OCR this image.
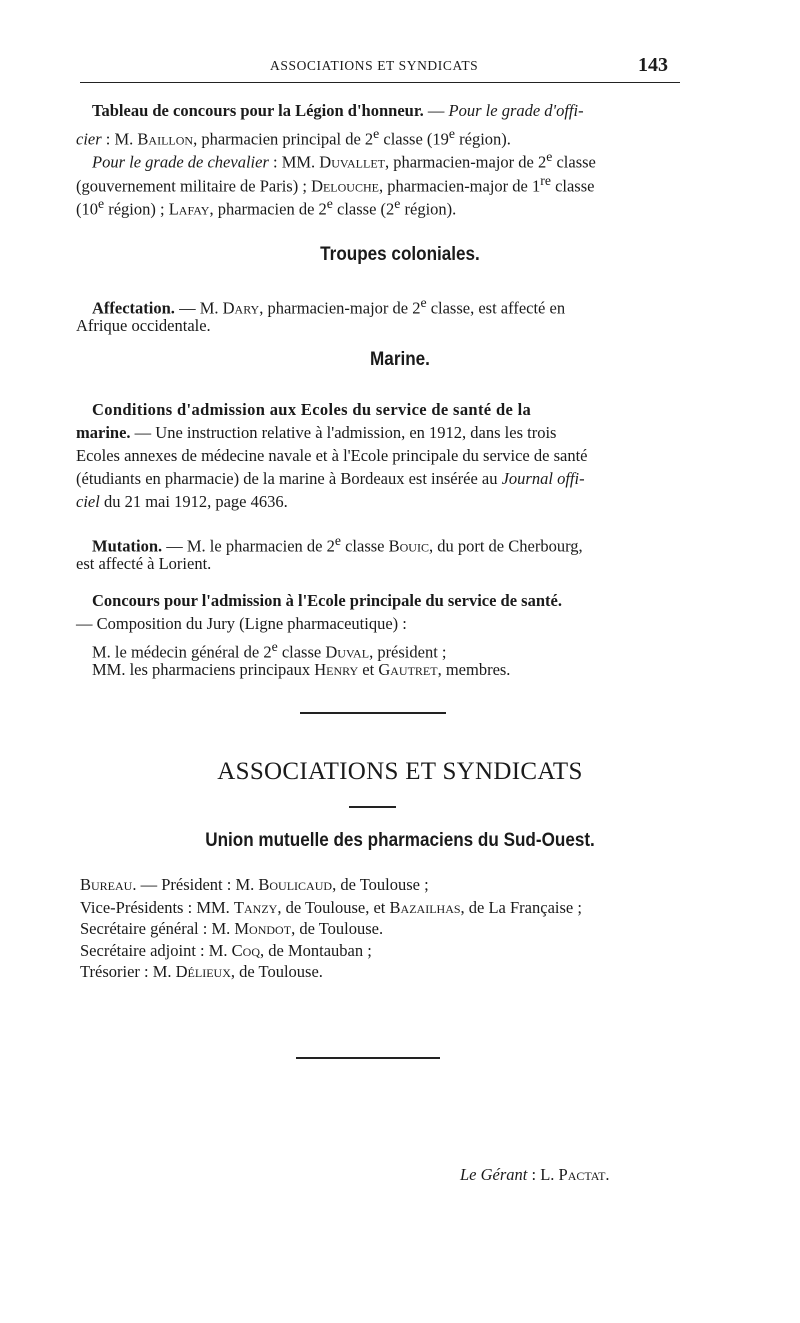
ASSOCIATIONS ET SYNDICATS	143
Tableau de concours pour la Légion d'honneur. — Pour le grade d'offi-
cier : M. Baillon, pharmacien principal de 2e classe (19e région).
Pour le grade de chevalier : MM. Duvallet, pharmacien-major de 2e classe
(gouvernement militaire de Paris) ; Delouche, pharmacien-major de 1re classe
(10e région) ; Lafay, pharmacien de 2e classe (2e région).
Troupes coloniales.
Affectation. — M. Dary, pharmacien-major de 2e classe, est affecté en
Afrique occidentale.
Marine.
Conditions d'admission aux Ecoles du service de santé de la
marine. — Une instruction relative à l'admission, en 1912, dans les trois
Ecoles annexes de médecine navale et à l'Ecole principale du service de santé
(étudiants en pharmacie) de la marine à Bordeaux est insérée au Journal offi-
ciel du 21 mai 1912, page 4636.
Mutation. — M. le pharmacien de 2e classe Bouic, du port de Cherbourg,
est affecté à Lorient.
Concours pour l'admission à l'Ecole principale du service de santé.
— Composition du Jury (Ligne pharmaceutique) :
M. le médecin général de 2e classe Duval, président ;
MM. les pharmaciens principaux Henry et Gautret, membres.
ASSOCIATIONS ET SYNDICATS
Union mutuelle des pharmaciens du Sud-Ouest.
Bureau. — Président : M. Boulicaud, de Toulouse ;
Vice-Présidents : MM. Tanzy, de Toulouse, et Bazailhas, de La Française ;
Secrétaire général : M. Mondot, de Toulouse.
Secrétaire adjoint : M. Coq, de Montauban ;
Trésorier : M. Délieux, de Toulouse.
Le Gérant : L. Pactat.
